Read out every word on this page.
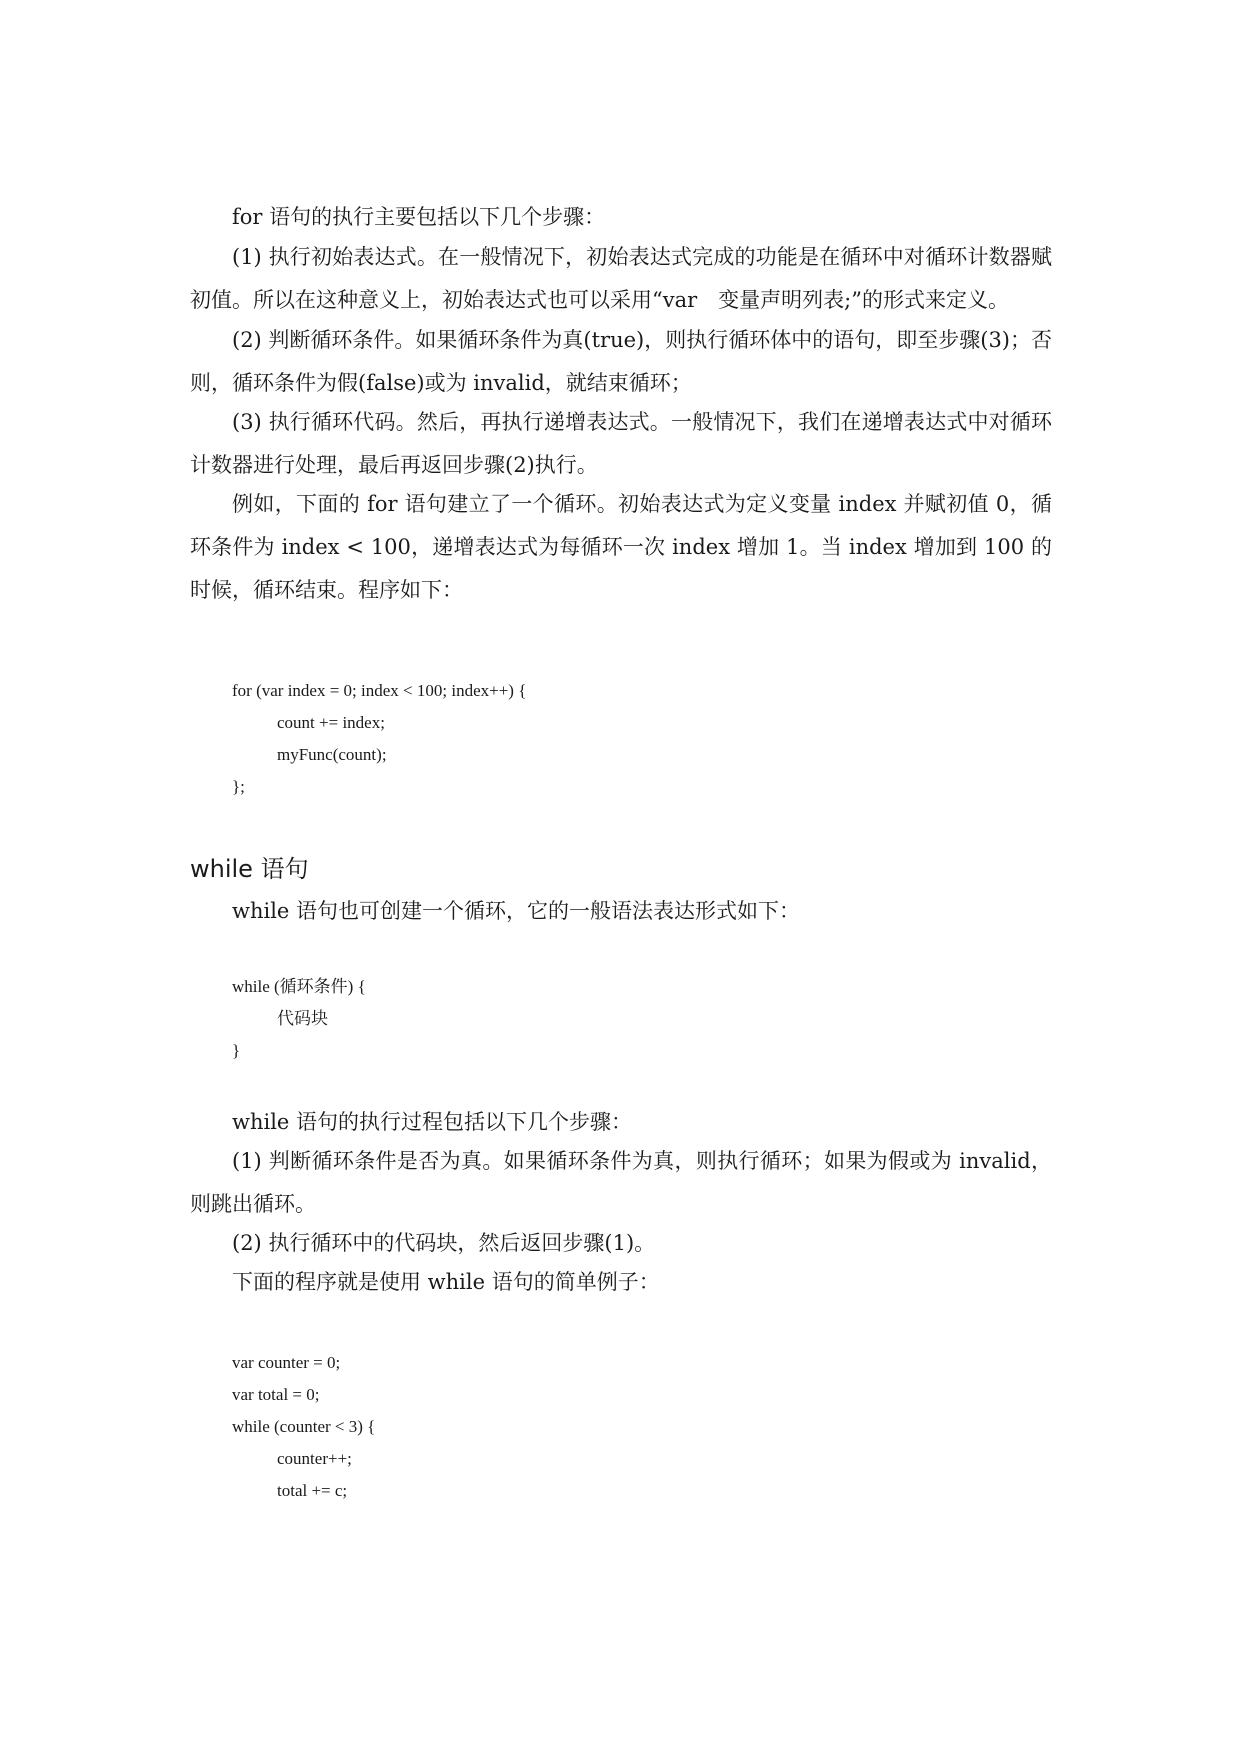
for 语句的执行主要包括以下几个步骤：

(1) 执行初始表达式。在一般情况下，初始表达式完成的功能是在循环中对循环计数器赋初值。所以在这种意义上，初始表达式也可以采用“var　变量声明列表;”的形式来定义。

(2) 判断循环条件。如果循环条件为真(true)，则执行循环体中的语句，即至步骤(3)；否则，循环条件为假(false)或为 invalid，就结束循环；

(3) 执行循环代码。然后，再执行递增表达式。一般情况下，我们在递增表达式中对循环计数器进行处理，最后再返回步骤(2)执行。

例如，下面的 for 语句建立了一个循环。初始表达式为定义变量 index 并赋初值 0，循环条件为 index < 100，递增表达式为每循环一次 index 增加 1。当 index 增加到 100 的时候，循环结束。程序如下：

for (var index = 0; index < 100; index++) {
count += index;
myFunc(count);
};
while 语句

while 语句也可创建一个循环，它的一般语法表达形式如下：

while (循环条件) {
代码块
}

while 语句的执行过程包括以下几个步骤：

(1) 判断循环条件是否为真。如果循环条件为真，则执行循环；如果为假或为 invalid，则跳出循环。

(2) 执行循环中的代码块，然后返回步骤(1)。

下面的程序就是使用 while 语句的简单例子：

var counter = 0;
var total = 0;
while (counter < 3) {
counter++;
total += c;
